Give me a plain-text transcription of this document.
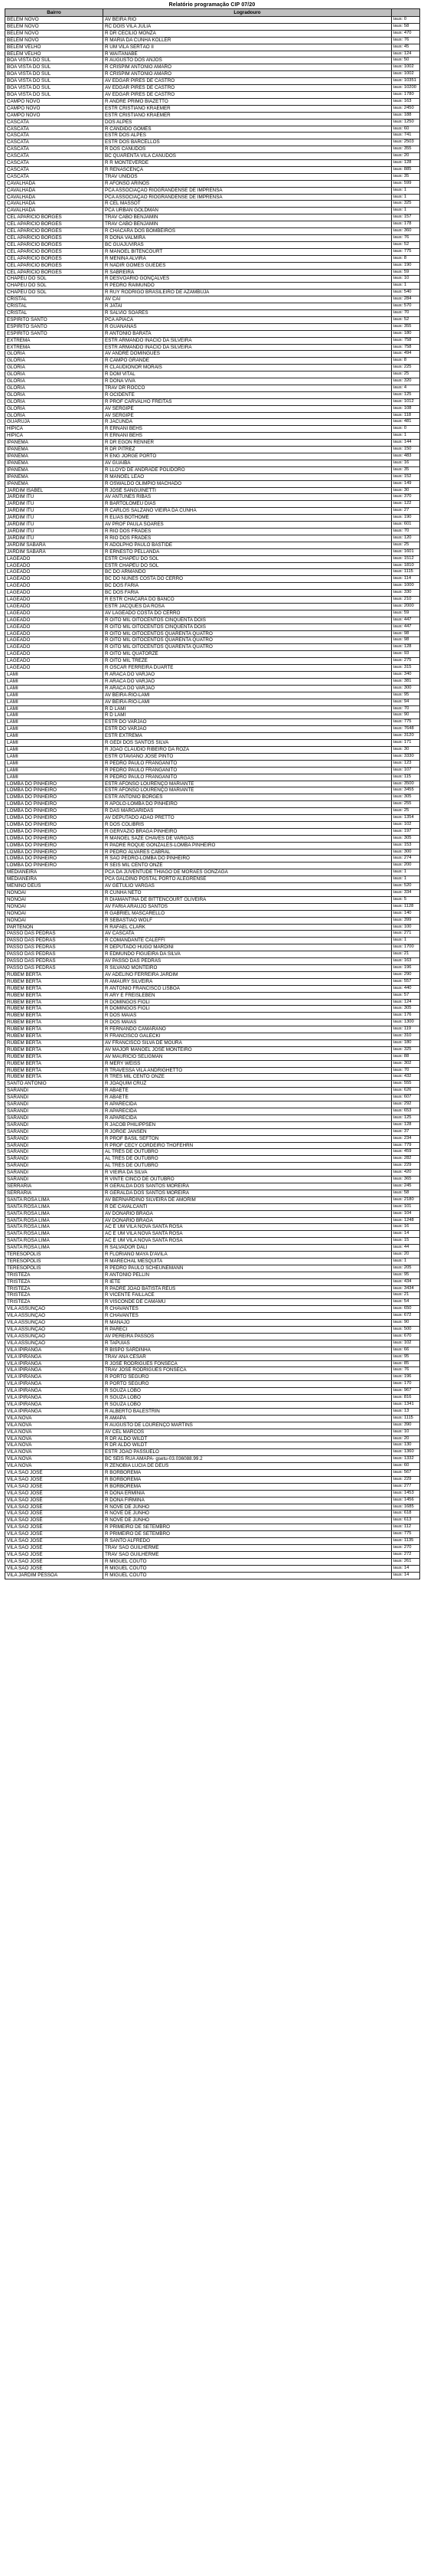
Relatório programação CIP 07/20
Bairro	Logradouro	
BELÉM NOVO	AV BEIRA RIO	iaus: 0
BELÉM NOVO	RC DOIS VILA JÚLIA	iaus: 58
BELÉM NOVO	R DR CECÍLIO MONZA	iaus: 470
BELÉM NOVO	R MARIA DA CUNHA KOLLER	iaus: 76
BELÉM VELHO	R UM VILA SERTÃO II	iaus: 45
BELÉM VELHO	R WAITANABE	iaus: 124
BOA VISTA DO SUL	R AUGUSTO DOS ANJOS	iaus: 50
BOA VISTA DO SUL	R CRISPIM ANTONIO AMARO	iaus: 1002
BOA VISTA DO SUL	R CRISPIM ANTONIO AMARO	iaus: 1002
BOA VISTA DO SUL	AV EDGAR PIRES DE CASTRO	iaus: 10351
BOA VISTA DO SUL	AV EDGAR PIRES DE CASTRO	iaus: 10200
BOA VISTA DO SUL	AV EDGAR PIRES DE CASTRO	iaus: 1780
CAMPO NOVO	R ANDRÉ PRIMO BIAZETTO	iaus: 163
CAMPO NOVO	ESTR CRISTIANO KRAEMER	iaus: 2450
CAMPO NOVO	ESTR CRISTIANO KRAEMER	iaus: 188
CASCATA	DOS ALPES	iaus: 1250
CASCATA	R CÂNDIDO GOMES	iaus: 60
CASCATA	ESTR DOS ALPES	iaus: 741
CASCATA	ESTR DOS BARCELLOS	iaus: 2503
CASCATA	R DOS CANUDOS	iaus: 355
CASCATA	BC QUARENTA VILA CANUDOS	iaus: 20
CASCATA	R R MONTEVERDE	iaus: 128
CASCATA	R RENASCENÇA	iaus: 885
CASCATA	TRAV UNIDOS	iaus: 35
CAVALHADA	R AFONSO ARINOS	iaus: 599
CAVALHADA	PCA ASSOCIAÇÃO RIOGRANDENSE DE IMPRENSA	iaus: 1
CAVALHADA	PCA ASSOCIAÇÃO RIOGRANDENSE DE IMPRENSA	iaus: 1
CAVALHADA	R CEL MASSOT	iaus: 325
CAVALHADA	PCA URBAN GOLDMAN	iaus: 1
CEL APARICIO BORGES	TRAV CABO BENJAMIN	iaus: 157
CEL APARICIO BORGES	TRAV CABO BENJAMIN	iaus: 178
CEL APARICIO BORGES	R CHÁCARA DOS BOMBEIROS	iaus: 360
CEL APARICIO BORGES	R DONA VALMIRA	iaus: 76
CEL APARICIO BORGES	BC GUAJUVIRAS	iaus: 52
CEL APARICIO BORGES	R MANOEL BITENCOURT	iaus: 775
CEL APARICIO BORGES	R MENINA ALVIRA	iaus: 8
CEL APARICIO BORGES	R NADIR GOMES GUEDES	iaus: 190
CEL APARICIO BORGES	R SABREIRA	iaus: 59
CHAPÉU DO SOL	R DESVOARIO GONÇALVES	iaus: 10
CHAPÉU DO SOL	R PEDRO RAIMUNDO	iaus: 1
CHAPÉU DO SOL	R RUY RODRIGO BRASILEIRO DE AZAMBUJA	iaus: 540
CRISTAL	AV CAI	iaus: 284
CRISTAL	R JATAI	iaus: 570
CRISTAL	R SALVIO SOARES	iaus: 70
ESPÍRITO SANTO	PCA APIACA	iaus: 52
ESPÍRITO SANTO	R GUANANAS	iaus: 355
ESPÍRITO SANTO	R ANTONIO BARATA	iaus: 180
EXTREMA	ESTR ARMANDO INÁCIO DA SILVEIRA	iaus: 758
EXTREMA	ESTR ARMANDO INÁCIO DA SILVEIRA	iaus: 758
GLÓRIA	AV ANDRÉ DOMINGUES	iaus: 494
GLÓRIA	R CAMPO GRANDE	iaus: 8
GLÓRIA	R CLAUDIONOR MORAIS	iaus: 225
GLÓRIA	R DOM VITAL	iaus: 25
GLÓRIA	R DONA VIVA	iaus: 320
GLÓRIA	TRAV DR ROCCO	iaus: 4
GLÓRIA	R OCIDENTE	iaus: 125
GLÓRIA	R PROF CARVALHO FREITAS	iaus: 1012
GLÓRIA	AV SERGIPE	iaus: 108
GLÓRIA	AV SERGIPE	iaus: 118
GUARUJÁ	R JACUNDA	iaus: 481
HÍPICA	R ERNANI BEHS	iaus: 0
HÍPICA	R ERNANI BEHS	iaus: 1
IPANEMA	R DR EGON RENNER	iaus: 144
IPANEMA	R DR PITREZ	iaus: 150
IPANEMA	R ENG JORGE PORTO	iaus: 483
IPANEMA	AV GUAIBA	iaus: 16
IPANEMA	R LLOYD DE ANDRADE POLIDORO	iaus: 35
IPANEMA	R MANOEL LEÃO	iaus: 152
IPANEMA	R OSWALDO OLIMPIO MACHADO	iaus: 149
JARDIM ISABEL	R JOSÉ SANGUINETTI	iaus: 30
JARDIM ITU	AV ANTUNES RIBAS	iaus: 370
JARDIM ITU	R BARTOLOMEU DIAS	iaus: 122
JARDIM ITU	R CARLOS SALZANO VIEIRA DA CUNHA	iaus: 27
JARDIM ITU	R ELIAS BOTHOMÉ	iaus: 190
JARDIM ITU	AV PROF PAULA SOARES	iaus: 601
JARDIM ITU	R RIO DOS FRADES	iaus: 70
JARDIM ITU	R RIO DOS FRADES	iaus: 120
JARDIM SABARÁ	R ADOLPHO PAULO BASTIDE	iaus: 25
JARDIM SABARÁ	R ERNESTO PELLANDA	iaus: 1601
LAGEADO	ESTR CHAPÉU DO SOL	iaus: 1512
LAGEADO	ESTR CHAPÉU DO SOL	iaus: 1810
LAGEADO	BC DO ARMANDO	iaus: 1115
LAGEADO	BC DO NUNES COSTA DO CERRO	iaus: 114
LAGEADO	BC DOS FARIA	iaus: 1000
LAGEADO	BC DOS FARIA	iaus: 330
LAGEADO	R ESTR CHÁCARA DO BANCO	iaus: 210
LAGEADO	ESTR JACQUES DA ROSA	iaus: 2000
LAGEADO	AV LAGEADO COSTA DO CERRO	iaus: 59
LAGEADO	R OITO MIL OITOCENTOS CINQUENTA DOIS	iaus: 447
LAGEADO	R OITO MIL OITOCENTOS CINQUENTA DOIS	iaus: 447
LAGEADO	R OITO MIL OITOCENTOS QUARENTA QUATRO	iaus: 98
LAGEADO	R OITO MIL OITOCENTOS QUARENTA QUATRO	iaus: 98
LAGEADO	R OITO MIL OITOCENTOS QUARENTA QUATRO	iaus: 128
LAGEADO	R OITO MIL QUATORZE	iaus: 93
LAGEADO	R OITO MIL TREZE	iaus: 275
LAGEADO	R OSCAR FERREIRA DUARTE	iaus: 315
LAMI	R ARACA DO VARJÃO	iaus: 340
LAMI	R ARACA DO VARJÃO	iaus: 381
LAMI	R ARACA DO VARJÃO	iaus: 300
LAMI	AV BEIRA-RIO-LAMI	iaus: 95
LAMI	AV BEIRA-RIO-LAMI	iaus: 94
LAMI	R D LAMI	iaus: 70
LAMI	R D LAMI	iaus: 90
LAMI	ESTR DO VARJÃO	iaus: 775
LAMI	ESTR DO VARJÃO	iaus: 7648
LAMI	ESTR EXTREMA	iaus: 3120
LAMI	R GEDI DOS SANTOS SILVA	iaus: 171
LAMI	R JOÃO CLAUDIO RIBEIRO DA ROZA	iaus: 30
LAMI	ESTR OTAVIANO JOSÉ PINTO	iaus: 3330
LAMI	R PEDRO PAULO FRANGANITO	iaus: 123
LAMI	R PEDRO PAULO FRANGANITO	iaus: 107
LAMI	R PEDRO PAULO FRANGANITO	iaus: 115
LOMBA DO PINHEIRO	ESTR AFONSO LOURENÇO MARIANTE	iaus: 3500
LOMBA DO PINHEIRO	ESTR AFONSO LOURENÇO MARIANTE	iaus: 3455
LOMBA DO PINHEIRO	ESTR ANTONIO BORGES	iaus: 305
LOMBA DO PINHEIRO	R APOLO-LOMBA DO PINHEIRO	iaus: 255
LOMBA DO PINHEIRO	R DAS MARGARIDAS	iaus: 25
LOMBA DO PINHEIRO	AV DEPUTADO ADÃO PRETTO	iaus: 1354
LOMBA DO PINHEIRO	R DOS COLIBRIS	iaus: 102
LOMBA DO PINHEIRO	R GERVÁZIO BRAGA PINHEIRO	iaus: 197
LOMBA DO PINHEIRO	R MANOEL SAZE CHAVES DE VARGAS	iaus: 305
LOMBA DO PINHEIRO	R PADRE ROQUE GONZALES-LOMBA PINHEIRO	iaus: 153
LOMBA DO PINHEIRO	R PEDRO ÁLVARES CABRAL	iaus: 300
LOMBA DO PINHEIRO	R SÃO PEDRO-LOMBA DO PINHEIRO	iaus: 274
LOMBA DO PINHEIRO	R SEIS MIL CENTO ONZE	iaus: 200
MEDIANEIRA	PCA DA JUVENTUDE THIAGO DE MORAES GONZAGA	iaus: 1
MEDIANEIRA	PCA GALDINO POSTAL PORTO ALEGRENSE	iaus: 1
MENINO DEUS	AV GETÚLIO VARGAS	iaus: 520
NONOAI	R CUNHA NETO	iaus: 334
NONOAI	R DIAMANTINA DE BITTENCOURT OLIVEIRA	iaus: 5
NONOAI	AV FARIA ARAÚJO SANTOS	iaus: 1128
NONOAI	R GABRIEL MASCARELLO	iaus: 140
NONOAI	R SEBASTIÃO WOLF	iaus: 399
PARTENON	R RAFAEL CLARK	iaus: 100
PASSO DAS PEDRAS	AV CASCATA	iaus: 271
PASSO DAS PEDRAS	R COMANDANTE CALEFFI	iaus: 1
PASSO DAS PEDRAS	R DEPUTADO HUGO MARDINI	iaus: 1700
PASSO DAS PEDRAS	R EDMUNDO FIGUEIRA DA SILVA	iaus: 21
PASSO DAS PEDRAS	AV PASSO DAS PEDRAS	iaus: 163
PASSO DAS PEDRAS	R SILVANO MONTEIRO	iaus: 196
RUBEM BERTA	AV ADELINO FERREIRA JARDIM	iaus: 290
RUBEM BERTA	R AMAURY SILVEIRA	iaus: 557
RUBEM BERTA	R ANTÔNIO FRANCISCO LISBOA	iaus: 440
RUBEM BERTA	R ARY E FREISLEBEN	iaus: 57
RUBEM BERTA	R DOMINGOS FIOLI	iaus: 124
RUBEM BERTA	R DOMINGOS FIOLI	iaus: 305
RUBEM BERTA	R DOS MAIAS	iaus: 176
RUBEM BERTA	R DOS MAIAS	iaus: 1300
RUBEM BERTA	R FERNANDO CAMARANO	iaus: 119
RUBEM BERTA	R FRANCISCO GALECKI	iaus: 310
RUBEM BERTA	AV FRANCISCO SILVA DE MOURA	iaus: 180
RUBEM BERTA	AV MAJOR MANOEL JOSÉ MONTEIRO	iaus: 325
RUBEM BERTA	AV MAURÍCIO SELIGMAN	iaus: 88
RUBEM BERTA	R MERY WEISS	iaus: 302
RUBEM BERTA	R TRAVESSA VILA ANDRIGHETTO	iaus: 70
RUBEM BERTA	R TRÊS MIL CENTO ONZE	iaus: 432
SANTO ANTÔNIO	R JOAQUIM CRUZ	iaus: 555
SARANDI	R ABAETÉ	iaus: 626
SARANDI	R ABAETÉ	iaus: 607
SARANDI	R APARECIDA	iaus: 292
SARANDI	R APARECIDA	iaus: 653
SARANDI	R APARECIDA	iaus: 125
SARANDI	R JACOB PHILIPPSEN	iaus: 128
SARANDI	R JORGE JANSEN	iaus: 37
SARANDI	R PROF BASIL SEFTON	iaus: 234
SARANDI	R PROF CECY CORDEIRO THOFEHRN	iaus: 779
SARANDI	AL TRÊS DE OUTUBRO	iaus: 459
SARANDI	AL TRÊS DE OUTUBRO	iaus: 282
SARANDI	AL TRÊS DE OUTUBRO	iaus: 229
SARANDI	R VIEIRA DA SILVA	iaus: 420
SARANDI	R VINTE CINCO DE OUTUBRO	iaus: 365
SERRARIA	R GERALDA DOS SANTOS MOREIRA	iaus: 245
SERRARIA	R GERALDA DOS SANTOS MOREIRA	iaus: 58
SANTA ROSA LIMA	AV BERNARDINO SILVEIRA DE AMORIM	iaus: 2180
SANTA ROSA LIMA	R DE CAVALCANTI	iaus: 101
SANTA ROSA LIMA	AV DONARIO BRAGA	iaus: 104
SANTA ROSA LIMA	AV DONARIO BRAGA	iaus: 1248
SANTA ROSA LIMA	AC E UM VILA NOVA SANTA ROSA	iaus: 16
SANTA ROSA LIMA	AC E UM VILA NOVA SANTA ROSA	iaus: 14
SANTA ROSA LIMA	AC E UM VILA NOVA SANTA ROSA	iaus: 15
SANTA ROSA LIMA	R SALVADOR DALI	iaus: 44
TERESÓPOLIS	R FLORIANO MAYA D'AVILA	iaus: 20
TERESÓPOLIS	R MARECHAL MESQUITA	iaus: 1
TERESÓPOLIS	R PEDRO PAULO SCHEUNEMANN	iaus: 205
TRISTEZA	R ANTÔNIO PELLIN	iaus: 95
TRISTEZA	R IETE	iaus: 434
TRISTEZA	R PADRE JOÃO BATISTA REUS	iaus: 3434
TRISTEZA	R VICENTE FAILLACE	iaus: 21
TRISTEZA	R VISCONDE DE CAMAMU	iaus: 54
VILA ASSUNÇÃO	R CHAVANTES	iaus: 650
VILA ASSUNÇÃO	R CHAVANTES	iaus: 672
VILA ASSUNÇÃO	R MANAJO	iaus: 90
VILA ASSUNÇÃO	R PARECI	iaus: 500
VILA ASSUNÇÃO	AV PEREIRA PASSOS	iaus: 670
VILA ASSUNÇÃO	R TAPUIAS	iaus: 102
VILA IPIRANGA	R BISPO SARDINHA	iaus: 66
VILA IPIRANGA	TRAV ANA CESAR	iaus: 95
VILA IPIRANGA	R JOSÉ RODRIGUES FONSECA	iaus: 85
VILA IPIRANGA	TRAV JOSÉ RODRIGUES FONSECA	iaus: 76
VILA IPIRANGA	R PORTO SEGURO	iaus: 196
VILA IPIRANGA	R PORTO SEGURO	iaus: 170
VILA IPIRANGA	R SOUZA LOBO	iaus: 967
VILA IPIRANGA	R SOUZA LOBO	iaus: 816
VILA IPIRANGA	R SOUZA LOBO	iaus: 1341
VILA IPIRANGA	R ALBERTO BALESTRIN	iaus: 13
VILA NOVA	R AMAPÁ	iaus: 1115
VILA NOVA	R AUGUSTO DE LOURENÇO MARTINS	iaus: 390
VILA NOVA	AV CEL MARCOS	iaus: 10
VILA NOVA	R DR ALDO WILDT	iaus: 20
VILA NOVA	R DR ALDO WILDT	iaus: 130
VILA NOVA	ESTR JOÃO PASSUELO	iaus: 1360
VILA NOVA	BC SEIS RUA AMAPA- gsetu-03.036088.99.2	iaus: 1332
VILA NOVA	R ZENOBIA LUCIA DE DEUS	iaus: 60
VILA SÃO JOSÉ	R BORBOREMA	iaus: 567
VILA SÃO JOSÉ	R BORBOREMA	iaus: 229
VILA SÃO JOSÉ	R BORBOREMA	iaus: 277
VILA SÃO JOSÉ	R DONA ERMÍNIA	iaus: 1453
VILA SÃO JOSÉ	R DONA FIRMINA	iaus: 1456
VILA SÃO JOSÉ	R NOVE DE JUNHO	iaus: 1685
VILA SÃO JOSÉ	R NOVE DE JUNHO	iaus: 618
VILA SÃO JOSÉ	R NOVE DE JUNHO	iaus: 613
VILA SÃO JOSÉ	R PRIMEIRO DE SETEMBRO	iaus: 112
VILA SÃO JOSÉ	R PRIMEIRO DE SETEMBRO	iaus: 775
VILA SÃO JOSÉ	R SANTO ALFREDO	iaus: 1135
VILA SÃO JOSÉ	TRAV SAO GUILHERME	iaus: 270
VILA SÃO JOSÉ	TRAV SÃO GUILHERME	iaus: 272
VILA SÃO JOSÉ	R MIGUEL COUTO	iaus: 261
VILA SÃO JOSÉ	R MIGUEL COUTO	iaus: 14
VILA JARDIM PESSOA	R MIGUEL COUTO	iaus: 14
